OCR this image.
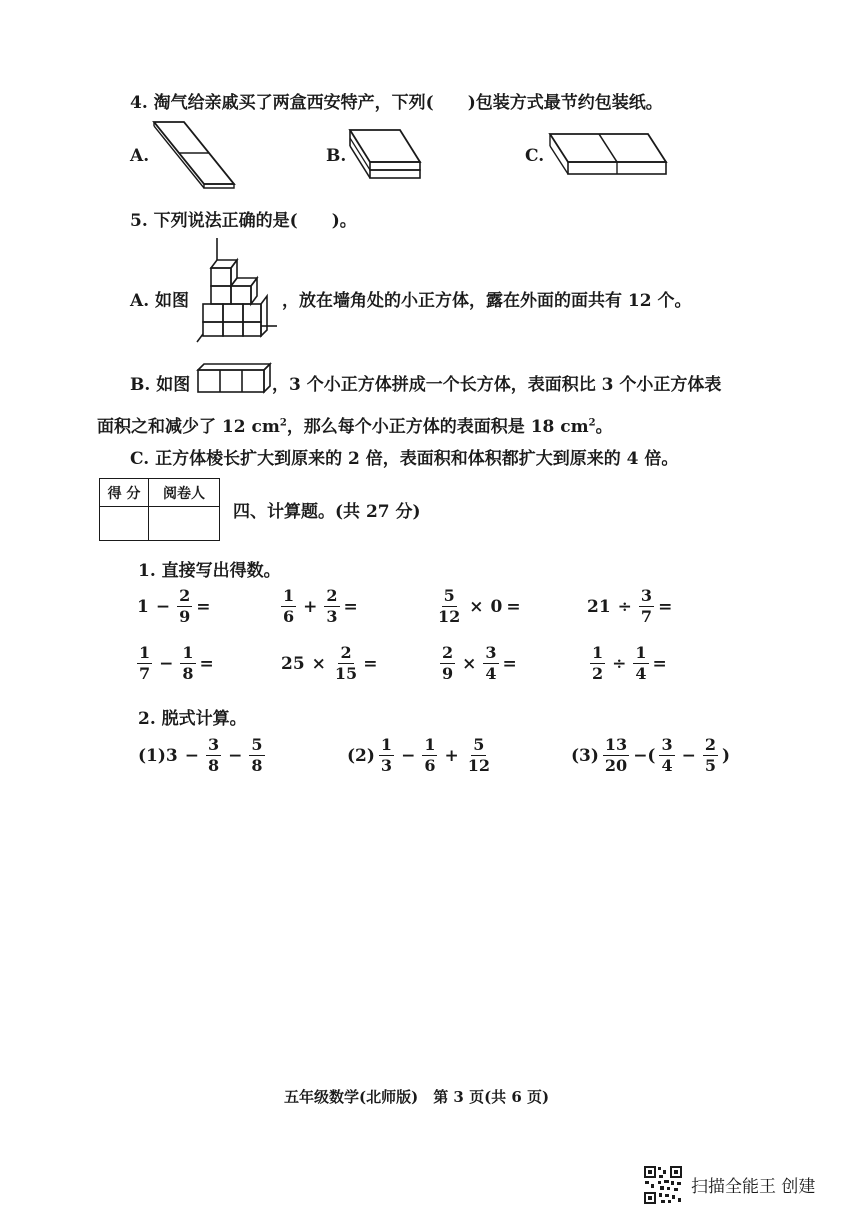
4. 淘气给亲戚买了两盒西安特产，下列(　　)包装方式最节约包装纸。
A.	B.	C.
5. 下列说法正确的是(　　)。
A. 如图	，放在墙角处的小正方体，露在外面的面共有 12 个。
B. 如图	，3 个小正方体拼成一个长方体，表面积比 3 个小正方体表
面积之和减少了 12 $cm^2$，那么每个小正方体的表面积是 18 $cm^2$。
C. 正方体棱长扩大到原来的 2 倍，表面积和体积都扩大到原来的 4 倍。
得 分	阅卷人

四、计算题。(共 27 分)
1. 直接写出得数。
$1 - \frac{2}{9}$ =	$\frac{1}{6} + \frac{2}{3}$ =	$\frac{5}{12} \times 0$ =	$21 \div \frac{3}{7}$ =
$\frac{1}{7} - \frac{1}{8}$ =	$25 \times \frac{2}{15}$ =	$\frac{2}{9} \times \frac{3}{4}$ =	$\frac{1}{2} \div \frac{1}{4}$ =
2. 脱式计算。
$(1)3 - \frac{3}{8} - \frac{5}{8}$	$(2) \frac{1}{3} - \frac{1}{6} + \frac{5}{12}$	$(3) \frac{13}{20}$ −( $\frac{3}{4} - \frac{2}{5}$ )
五年级数学(北师版)　第 3 页(共 6 页)
扫描全能王 创建
